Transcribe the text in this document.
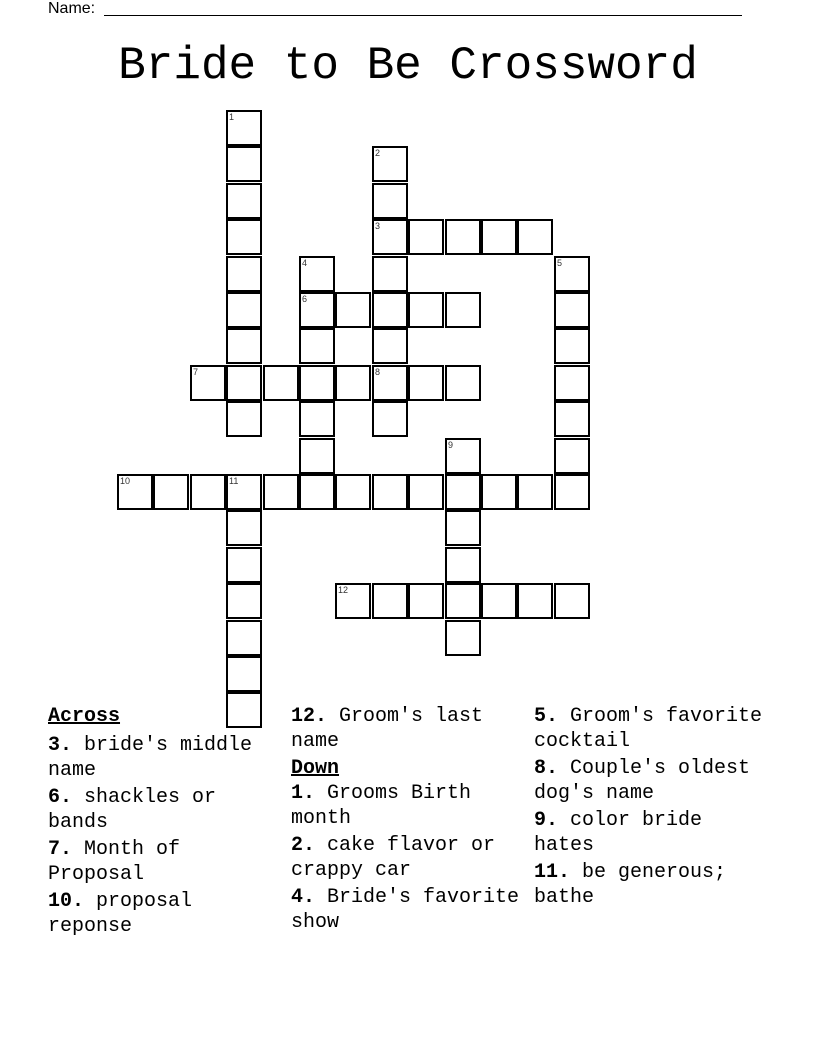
Name:
Bride to Be Crossword
1
2
3
8
4
6
5
7
9
10	11
12
Across
3. bride's middle name
6. shackles or bands
7. Month of Proposal
10. proposal reponse
12. Groom's last name
Down
1. Grooms Birth month
2. cake flavor or crappy car
4. Bride's favorite show
5. Groom's favorite cocktail
8. Couple's oldest dog's name
9. color bride hates
11. be generous; bathe
